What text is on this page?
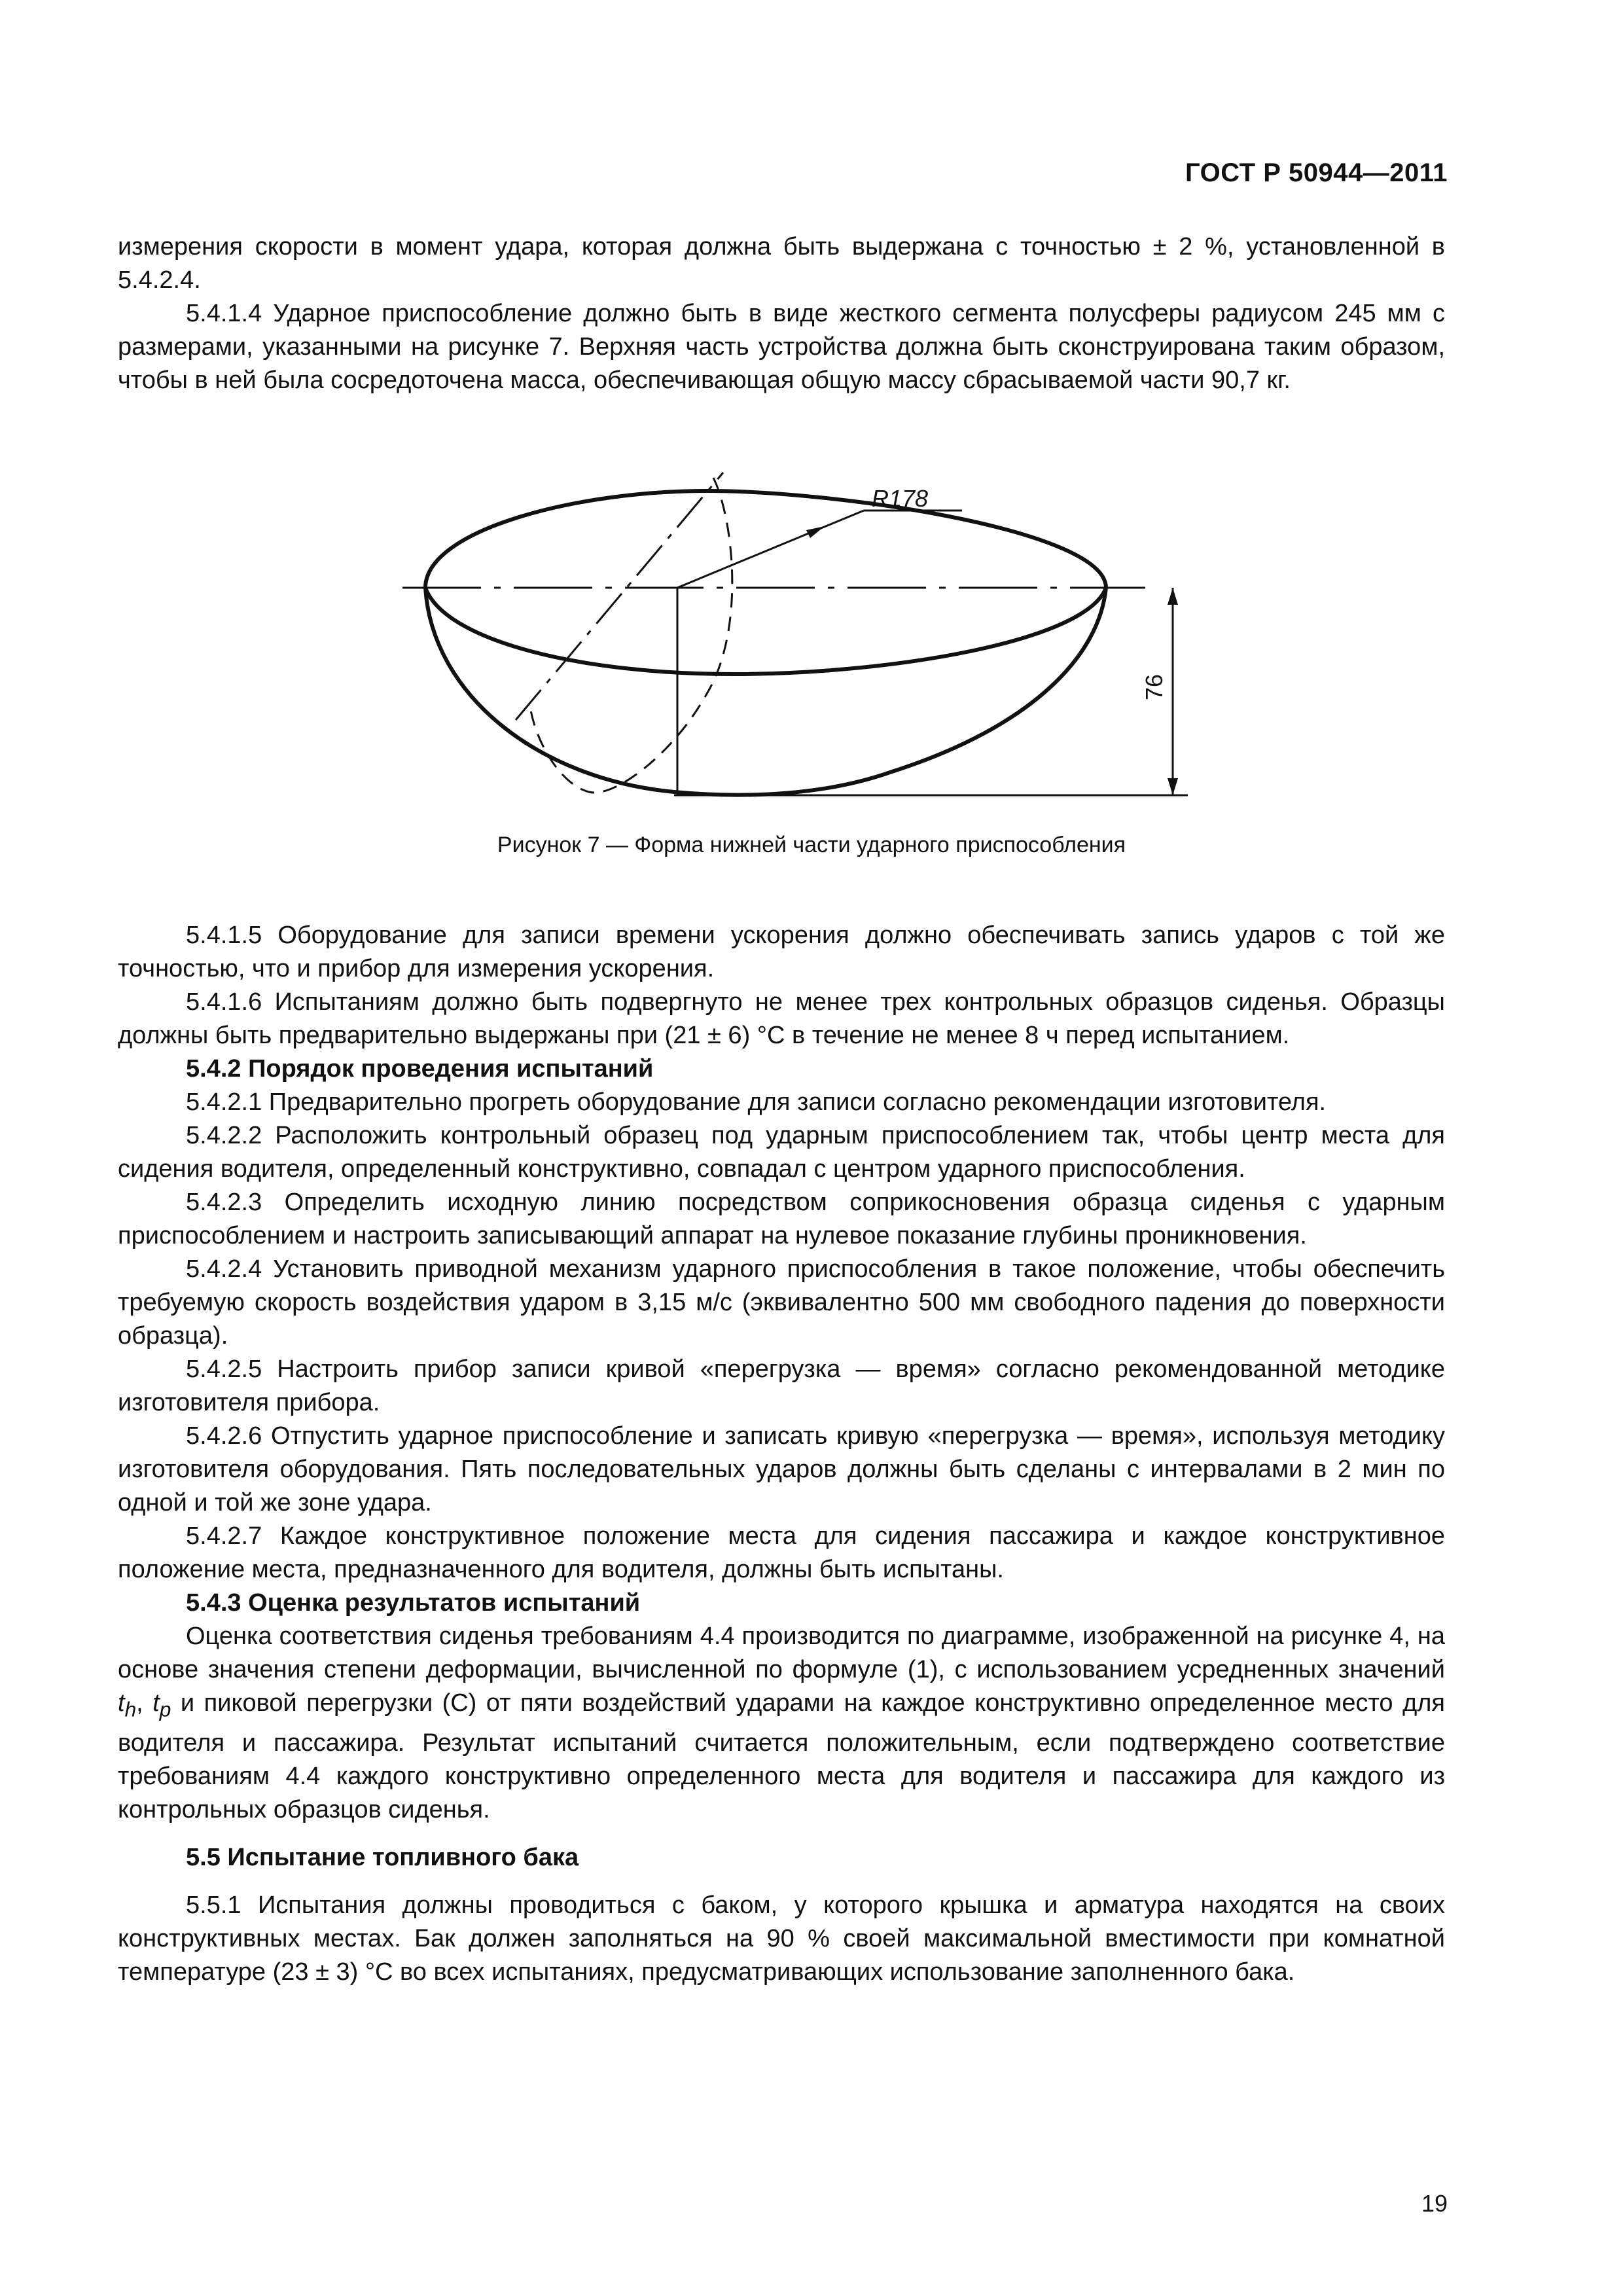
ГОСТ Р 50944—2011

измерения скорости в момент удара, которая должна быть выдержана с точностью ± 2 %, установленной в 5.4.2.4.

5.4.1.4 Ударное приспособление должно быть в виде жесткого сегмента полусферы радиусом 245 мм с размерами, указанными на рисунке 7. Верхняя часть устройства должна быть сконструирована таким образом, чтобы в ней была сосредоточена масса, обеспечивающая общую массу сбрасываемой части 90,7 кг.

R178
76
Рисунок 7 — Форма нижней части ударного приспособления

5.4.1.5 Оборудование для записи времени ускорения должно обеспечивать запись ударов с той же точностью, что и прибор для измерения ускорения.

5.4.1.6 Испытаниям должно быть подвергнуто не менее трех контрольных образцов сиденья. Образцы должны быть предварительно выдержаны при (21 ± 6) °С в течение не менее 8 ч перед испытанием.

5.4.2 Порядок проведения испытаний

5.4.2.1 Предварительно прогреть оборудование для записи согласно рекомендации изготовителя.

5.4.2.2 Расположить контрольный образец под ударным приспособлением так, чтобы центр места для сидения водителя, определенный конструктивно, совпадал с центром ударного приспособления.

5.4.2.3 Определить исходную линию посредством соприкосновения образца сиденья с ударным приспособлением и настроить записывающий аппарат на нулевое показание глубины проникновения.

5.4.2.4 Установить приводной механизм ударного приспособления в такое положение, чтобы обеспечить требуемую скорость воздействия ударом в 3,15 м/с (эквивалентно 500 мм свободного падения до поверхности образца).

5.4.2.5 Настроить прибор записи кривой «перегрузка — время» согласно рекомендованной методике изготовителя прибора.

5.4.2.6 Отпустить ударное приспособление и записать кривую «перегрузка — время», используя методику изготовителя оборудования. Пять последовательных ударов должны быть сделаны с интервалами в 2 мин по одной и той же зоне удара.

5.4.2.7 Каждое конструктивное положение места для сидения пассажира и каждое конструктивное положение места, предназначенного для водителя, должны быть испытаны.

5.4.3 Оценка результатов испытаний

Оценка соответствия сиденья требованиям 4.4 производится по диаграмме, изображенной на рисунке 4, на основе значения степени деформации, вычисленной по формуле (1), с использованием усредненных значений $t_h$, $t_p$ и пиковой перегрузки (С) от пяти воздействий ударами на каждое конструктивно определенное место для водителя и пассажира. Результат испытаний считается положительным, если подтверждено соответствие требованиям 4.4 каждого конструктивно определенного места для водителя и пассажира для каждого из контрольных образцов сиденья.

5.5 Испытание топливного бака

5.5.1 Испытания должны проводиться с баком, у которого крышка и арматура находятся на своих конструктивных местах. Бак должен заполняться на 90 % своей максимальной вместимости при комнатной температуре (23 ± 3) °С во всех испытаниях, предусматривающих использование заполненного бака.

19
